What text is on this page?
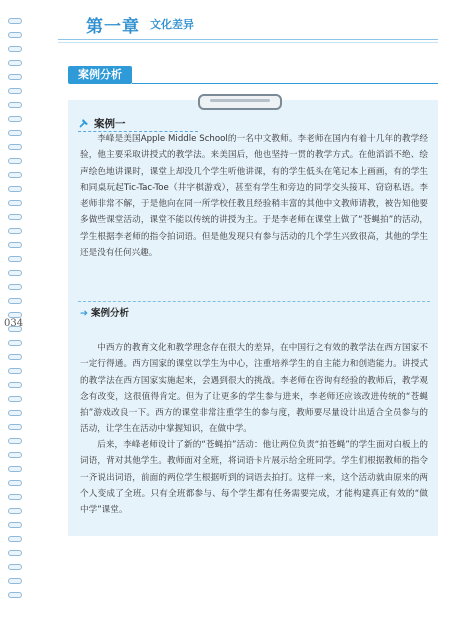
第一章 文化差异
案例分析
案例一

李峰是美国Apple Middle School的一名中文教师。李老师在国内有着十几年的教学经验，他主要采取讲授式的教学法。来美国后，他也坚持一贯的教学方式。在他滔滔不绝、绘声绘色地讲课时，课堂上却没几个学生听他讲课，有的学生低头在笔记本上画画，有的学生和同桌玩起Tic-Tac-Toe（井字棋游戏），甚至有学生和旁边的同学交头接耳、窃窃私语。李老师非常不解，于是他向在同一所学校任教且经验稍丰富的其他中文教师请教，被告知他要多做些课堂活动，课堂不能以传统的讲授为主。于是李老师在课堂上做了“苍蝇拍”的活动，学生根据李老师的指令拍词语。但是他发现只有参与活动的几个学生兴致很高，其他的学生还是没有任何兴趣。

➔ 案例分析

中西方的教育文化和教学理念存在很大的差异，在中国行之有效的教学法在西方国家不一定行得通。西方国家的课堂以学生为中心，注重培养学生的自主能力和创造能力。讲授式的教学法在西方国家实施起来，会遇到很大的挑战。李老师在咨询有经验的教师后，教学观念有改变，这很值得肯定。但为了让更多的学生参与进来，李老师还应该改进传统的“苍蝇拍”游戏改良一下。西方的课堂非常注重学生的参与度，教师要尽量设计出适合全员参与的活动，让学生在活动中掌握知识，在做中学。

后来，李峰老师设计了新的“苍蝇拍”活动：他让两位负责“拍苍蝇”的学生面对白板上的词语，背对其他学生。教师面对全班，将词语卡片展示给全班同学。学生们根据教师的指令一齐说出词语，前面的两位学生根据听到的词语去拍打。这样一来，这个活动就由原来的两个人变成了全班。只有全班都参与、每个学生都有任务需要完成，才能构建真正有效的“做中学”课堂。

034
